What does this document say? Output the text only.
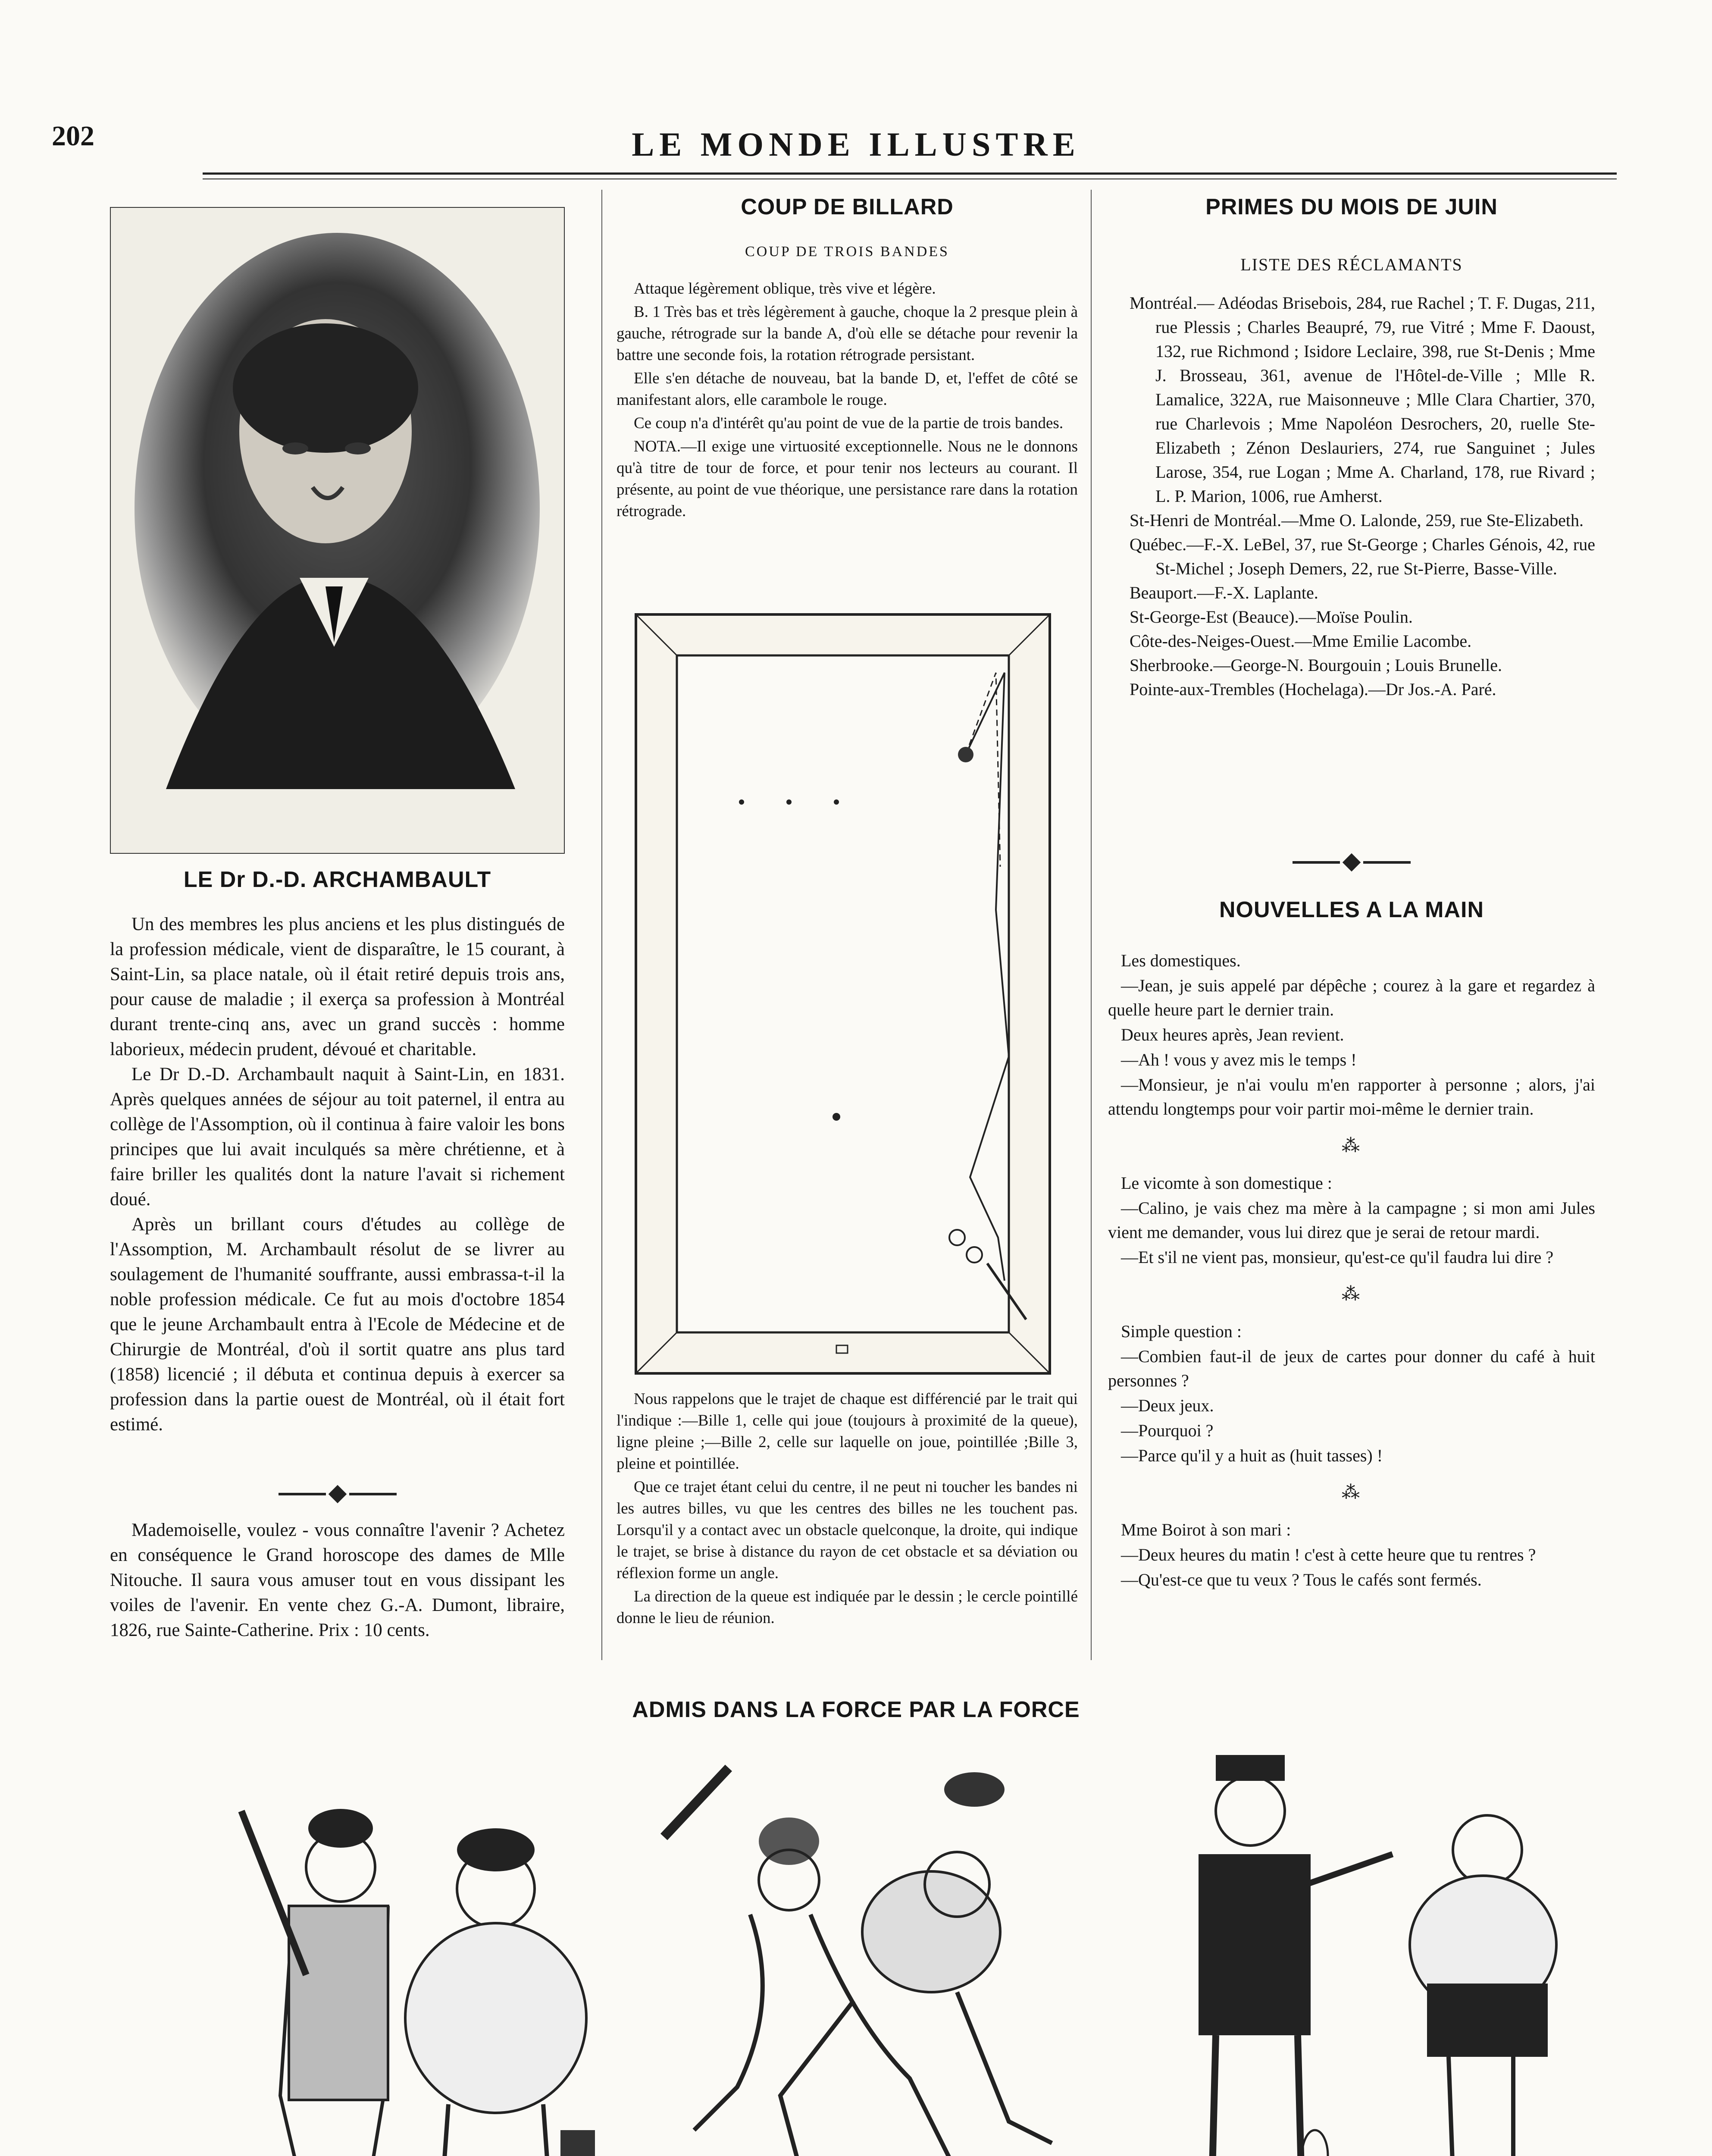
202	LE MONDE ILLUSTRE
LE Dr D.-D. ARCHAMBAULT

Un des membres les plus anciens et les plus distingués de la profession médicale, vient de disparaître, le 15 courant, à Saint-Lin, sa place natale, où il était retiré depuis trois ans, pour cause de maladie ; il exerça sa profession à Montréal durant trente-cinq ans, avec un grand succès : homme laborieux, médecin prudent, dévoué et charitable.

Le Dr D.-D. Archambault naquit à Saint-Lin, en 1831. Après quelques années de séjour au toit paternel, il entra au collège de l'Assomption, où il continua à faire valoir les bons principes que lui avait inculqués sa mère chrétienne, et à faire briller les qualités dont la nature l'avait si richement doué.

Après un brillant cours d'études au collège de l'Assomption, M. Archambault résolut de se livrer au soulagement de l'humanité souffrante, aussi embrassa-t-il la noble profession médicale. Ce fut au mois d'octobre 1854 que le jeune Archambault entra à l'Ecole de Médecine et de Chirurgie de Montréal, d'où il sortit quatre ans plus tard (1858) licencié ; il débuta et continua depuis à exercer sa profession dans la partie ouest de Montréal, où il était fort estimé.

Mademoiselle, voulez - vous connaître l'avenir ? Achetez en conséquence le Grand horoscope des dames de Mlle Nitouche. Il saura vous amuser tout en vous dissipant les voiles de l'avenir. En vente chez G.-A. Dumont, libraire, 1826, rue Sainte-Catherine. Prix : 10 cents.

COUP DE BILLARD
COUP DE TROIS BANDES

Attaque légèrement oblique, très vive et légère.

B. 1 Très bas et très légèrement à gauche, choque la 2 presque plein à gauche, rétrograde sur la bande A, d'où elle se détache pour revenir la battre une seconde fois, la rotation rétrograde persistant.

Elle s'en détache de nouveau, bat la bande D, et, l'effet de côté se manifestant alors, elle carambole le rouge.

Ce coup n'a d'intérêt qu'au point de vue de la partie de trois bandes.

NOTA.—Il exige une virtuosité exceptionnelle. Nous ne le donnons qu'à titre de tour de force, et pour tenir nos lecteurs au courant. Il présente, au point de vue théorique, une persistance rare dans la rotation rétrograde.

Nous rappelons que le trajet de chaque est différencié par le trait qui l'indique :—Bille 1, celle qui joue (toujours à proximité de la queue), ligne pleine ;—Bille 2, celle sur laquelle on joue, pointillée ;Bille 3, pleine et pointillée.

Que ce trajet étant celui du centre, il ne peut ni toucher les bandes ni les autres billes, vu que les centres des billes ne les touchent pas. Lorsqu'il y a contact avec un obstacle quelconque, la droite, qui indique le trajet, se brise à distance du rayon de cet obstacle et sa déviation ou réflexion forme un angle.

La direction de la queue est indiquée par le dessin ; le cercle pointillé donne le lieu de réunion.

PRIMES DU MOIS DE JUIN
LISTE DES RÉCLAMANTS

Montréal.— Adéodas Brisebois, 284, rue Rachel ; T. F. Dugas, 211, rue Plessis ; Charles Beaupré, 79, rue Vitré ; Mme F. Daoust, 132, rue Richmond ; Isidore Leclaire, 398, rue St-Denis ; Mme J. Brosseau, 361, avenue de l'Hôtel-de-Ville ; Mlle R. Lamalice, 322A, rue Maisonneuve ; Mlle Clara Chartier, 370, rue Charlevois ; Mme Napoléon Desrochers, 20, ruelle Ste-Elizabeth ; Zénon Deslauriers, 274, rue Sanguinet ; Jules Larose, 354, rue Logan ; Mme A. Charland, 178, rue Rivard ; L. P. Marion, 1006, rue Amherst.

St-Henri de Montréal.—Mme O. Lalonde, 259, rue Ste-Elizabeth.

Québec.—F.-X. LeBel, 37, rue St-George ; Charles Génois, 42, rue St-Michel ; Joseph Demers, 22, rue St-Pierre, Basse-Ville.

Beauport.—F.-X. Laplante.

St-George-Est (Beauce).—Moïse Poulin.

Côte-des-Neiges-Ouest.—Mme Emilie Lacombe.

Sherbrooke.—George-N. Bourgouin ; Louis Brunelle.

Pointe-aux-Trembles (Hochelaga).—Dr Jos.-A. Paré.

NOUVELLES A LA MAIN

Les domestiques.

—Jean, je suis appelé par dépêche ; courez à la gare et regardez à quelle heure part le dernier train.

Deux heures après, Jean revient.

—Ah ! vous y avez mis le temps !

—Monsieur, je n'ai voulu m'en rapporter à personne ; alors, j'ai attendu longtemps pour voir partir moi-même le dernier train.

⁂

Le vicomte à son domestique :

—Calino, je vais chez ma mère à la campagne ; si mon ami Jules vient me demander, vous lui direz que je serai de retour mardi.

—Et s'il ne vient pas, monsieur, qu'est-ce qu'il faudra lui dire ?

⁂

Simple question :

—Combien faut-il de jeux de cartes pour donner du café à huit personnes ?

—Deux jeux.

—Pourquoi ?

—Parce qu'il y a huit as (huit tasses) !

⁂

Mme Boirot à son mari :

—Deux heures du matin ! c'est à cette heure que tu rentres ?

—Qu'est-ce que tu veux ? Tous le cafés sont fermés.

ADMIS DANS LA FORCE PAR LA FORCE
